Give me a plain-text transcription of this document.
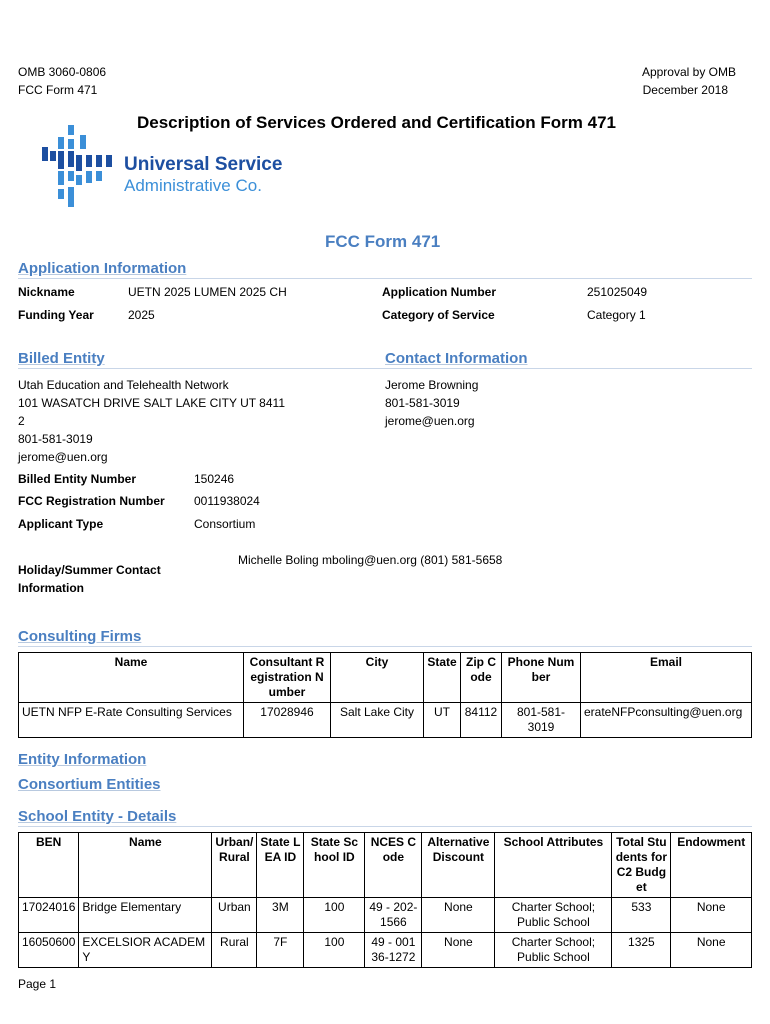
OMB 3060-0806
FCC Form 471
Approval by OMB
December 2018
Description of Services Ordered and Certification Form 471
Universal Service
Administrative Co.
FCC Form 471
Application Information
Nickname	UETN 2025 LUMEN 2025 CH	Application Number	251025049
Funding Year	2025	Category of Service	Category 1
Billed Entity	Contact Information
Utah Education and Telehealth Network
101 WASATCH DRIVE SALT LAKE CITY UT 8411
2
801-581-3019
jerome@uen.org
Jerome Browning
801-581-3019
jerome@uen.org
Billed Entity Number	150246
FCC Registration Number 0011938024
Applicant Type	Consortium
Michelle Boling mboling@uen.org (801) 581-5658
Holiday/Summer Contact
Information
Consulting Firms
Name	Consultant Registration Number	City	State	Zip Code	Phone Number	Email
UETN NFP E-Rate Consulting Services	17028946	Salt Lake City	UT	84112	801-581-3019	erateNFPconsulting@uen.org
Entity Information
Consortium Entities
School Entity - Details
BEN	Name	Urban/ Rural	State LEA ID	State School ID	NCES Code	Alternative Discount	School Attributes	Total Students for C2 Budget	Endowment
17024016	Bridge Elementary	Urban	3M	100	49 - 202-1566	None	Charter School; Public School	533	None
16050600	EXCELSIOR ACADEMY	Rural	7F	100	49 - 00136-1272	None	Charter School; Public School	1325	None
Page 1
